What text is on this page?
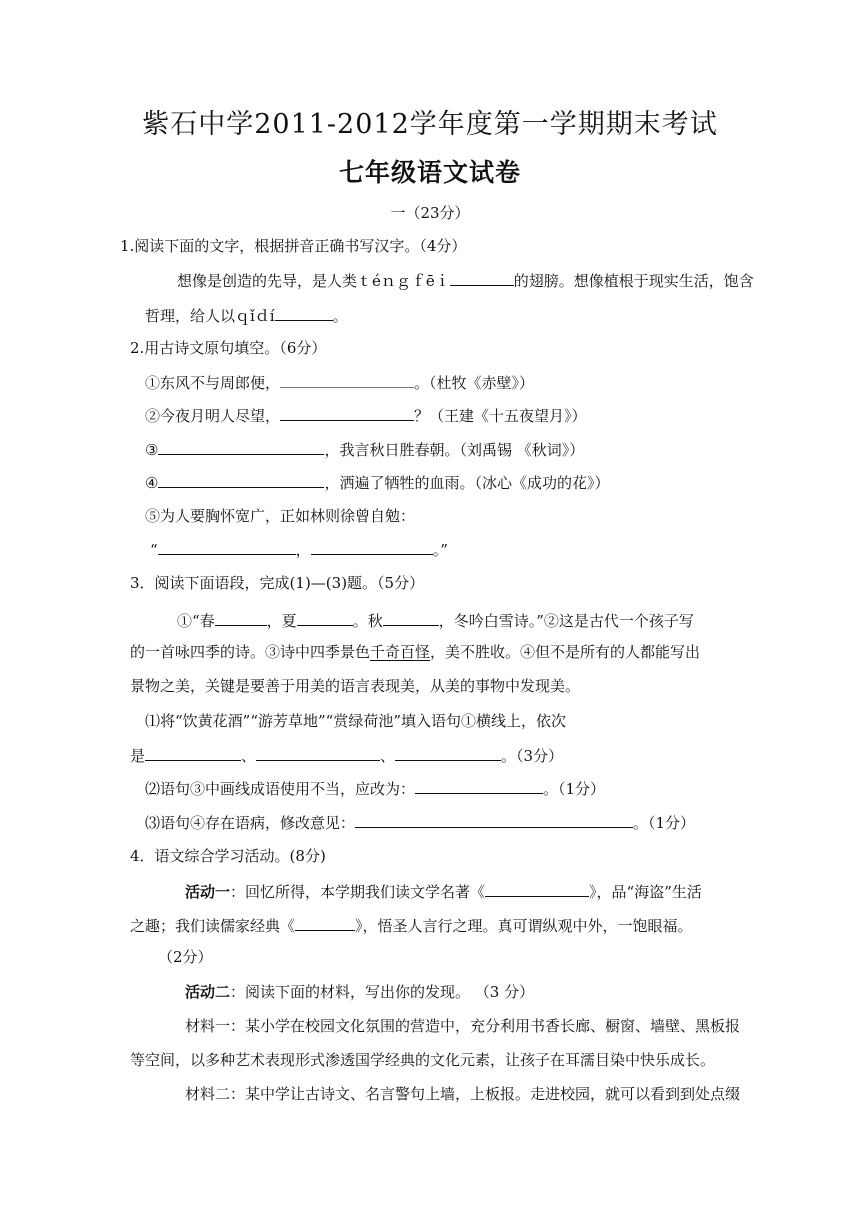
紫石中学2011-2012学年度第一学期期末考试
七年级语文试卷
一（23分）
1.阅读下面的文字，根据拼音正确书写汉字。（4分）
想像是创造的先导，是人类ｔéｎｇｆēｉ	的翅膀。想像植根于现实生活，饱含
哲理，给人以ｑǐｄí	。
2.用古诗文原句填空。（6分）
①东风不与周郎便，	。（杜牧《赤壁》）
②今夜月明人尽望，	？（王建《十五夜望月》）
③	，我言秋日胜春朝。（刘禹锡 《秋词》）
④	，洒遍了牺牲的血雨。（冰心《成功的花》）
⑤为人要胸怀宽广，正如林则徐曾自勉：
“	，	。”
3．阅读下面语段，完成(1)—(3)题。（5分）
①“春	，夏	。秋	，冬吟白雪诗。”②这是古代一个孩子写
的一首咏四季的诗。③诗中四季景色千奇百怪，美不胜收。④但不是所有的人都能写出
景物之美，关键是要善于用美的语言表现美，从美的事物中发现美。
⑴将“饮黄花酒”“游芳草地”“赏绿荷池”填入语句①横线上，依次
是	、	、	。（3分）
⑵语句③中画线成语使用不当，应改为：	。（1分）
⑶语句④存在语病，修改意见：	。（1分）
4．语文综合学习活动。(8分)
活动一：回忆所得，本学期我们读文学名著《	》，品“海盗”生活
之趣；我们读儒家经典《	》，悟圣人言行之理。真可谓纵观中外，一饱眼福。
（2分）
活动二：阅读下面的材料，写出你的发现。 （3 分）
材料一：某小学在校园文化氛围的营造中，充分利用书香长廊、橱窗、墙壁、黑板报
等空间，以多种艺术表现形式渗透国学经典的文化元素，让孩子在耳濡目染中快乐成长。
材料二：某中学让古诗文、名言警句上墙，上板报。走进校园，就可以看到到处点缀
